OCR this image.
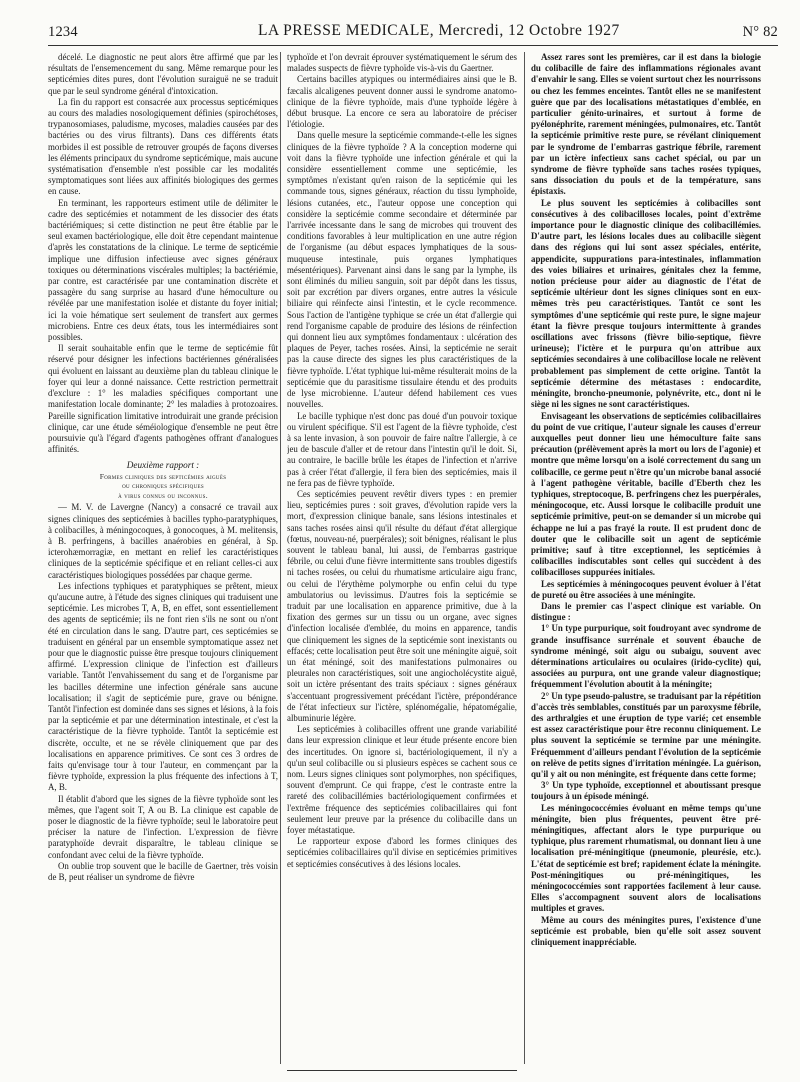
1234	LA PRESSE MEDICALE, Mercredi, 12 Octobre 1927	N° 82

décelé. Le diagnostic ne peut alors être affirmé que par les résultats de l'ensemencement du sang. Même remarque pour les septicémies dites pures, dont l'évolution suraiguë ne se traduit que par le seul syndrome général d'intoxication.

La fin du rapport est consacrée aux processus septicémiques au cours des maladies nosologiquement définies (spirochétoses, trypanosomiases, paludisme, mycoses, maladies causées par des bactéries ou des virus filtrants). Dans ces différents états morbides il est possible de retrouver groupés de façons diverses les éléments principaux du syndrome septicémique, mais aucune systématisation d'ensemble n'est possible car les modalités symptomatiques sont liées aux affinités biologiques des germes en cause.

En terminant, les rapporteurs estiment utile de délimiter le cadre des septicémies et notamment de les dissocier des états bactériémiques; si cette distinction ne peut être établie par le seul examen bactériologique, elle doit être cependant maintenue d'après les constatations de la clinique. Le terme de septicémie implique une diffusion infectieuse avec signes généraux toxiques ou déterminations viscérales multiples; la bactériémie, par contre, est caractérisée par une contamination discrète et passagère du sang surprise au hasard d'une hémoculture ou révélée par une manifestation isolée et distante du foyer initial; ici la voie hématique sert seulement de transfert aux germes microbiens. Entre ces deux états, tous les intermédiaires sont possibles.

Il serait souhaitable enfin que le terme de septicémie fût réservé pour désigner les infections bactériennes généralisées qui évoluent en laissant au deuxième plan du tableau clinique le foyer qui leur a donné naissance. Cette restriction permettrait d'exclure : 1° les maladies spécifiques comportant une manifestation locale dominante; 2° les maladies à protozoaires. Pareille signification limitative introduirait une grande précision clinique, car une étude séméiologique d'ensemble ne peut être poursuivie qu'à l'égard d'agents pathogènes offrant d'analogues affinités.

Deuxième rapport :
Formes cliniques des septicémies aiguës
ou chroniques spécifiques
à virus connus ou inconnus.

— M. V. de Lavergne (Nancy) a consacré ce travail aux signes cliniques des septicémies à bacilles typho-paratyphiques, à colibacilles, à méningocoques, à gonocoques, à M. melitensis, à B. perfringens, à bacilles anaérobies en général, à Sp. icterohæmorragiæ, en mettant en relief les caractéristiques cliniques de la septicémie spécifique et en reliant celles-ci aux caractéristiques biologiques possédées par chaque germe.

Les infections typhiques et paratyphiques se prêtent, mieux qu'aucune autre, à l'étude des signes cliniques qui traduisent une septicémie. Les microbes T, A, B, en effet, sont essentiellement des agents de septicémie; ils ne font rien s'ils ne sont ou n'ont été en circulation dans le sang. D'autre part, ces septicémies se traduisent en général par un ensemble symptomatique assez net pour que le diagnostic puisse être presque toujours cliniquement affirmé. L'expression clinique de l'infection est d'ailleurs variable. Tantôt l'envahissement du sang et de l'organisme par les bacilles détermine une infection générale sans aucune localisation; il s'agit de septicémie pure, grave ou bénigne. Tantôt l'infection est dominée dans ses signes et lésions, à la fois par la septicémie et par une détermination intestinale, et c'est la caractéristique de la fièvre typhoïde. Tantôt la septicémie est discrète, occulte, et ne se révèle cliniquement que par des localisations en apparence primitives. Ce sont ces 3 ordres de faits qu'envisage tour à tour l'auteur, en commençant par la fièvre typhoïde, expression la plus fréquente des infections à T, A, B.

Il établit d'abord que les signes de la fièvre typhoïde sont les mêmes, que l'agent soit T, A ou B. La clinique est capable de poser le diagnostic de la fièvre typhoïde; seul le laboratoire peut préciser la nature de l'infection. L'expression de fièvre paratyphoïde devrait disparaître, le tableau clinique se confondant avec celui de la fièvre typhoïde.

On oublie trop souvent que le bacille de Gaertner, très voisin de B, peut réaliser un syndrome de fièvre

typhoïde et l'on devrait éprouver systématiquement le sérum des malades suspects de fièvre typhoïde vis-à-vis du Gaertner.

Certains bacilles atypiques ou intermédiaires ainsi que le B. fæcalis alcaligenes peuvent donner aussi le syndrome anatomo-clinique de la fièvre typhoïde, mais d'une typhoïde légère à début brusque. La encore ce sera au laboratoire de préciser l'étiologie.

Dans quelle mesure la septicémie commande-t-elle les signes cliniques de la fièvre typhoïde ? A la conception moderne qui voit dans la fièvre typhoïde une infection générale et qui la considère essentiellement comme une septicémie, les symptômes n'existant qu'en raison de la septicémie qui les commande tous, signes généraux, réaction du tissu lymphoïde, lésions cutanées, etc., l'auteur oppose une conception qui considère la septicémie comme secondaire et déterminée par l'arrivée incessante dans le sang de microbes qui trouvent des conditions favorables à leur multiplication en une autre région de l'organisme (au début espaces lymphatiques de la sous-muqueuse intestinale, puis organes lymphatiques mésentériques). Parvenant ainsi dans le sang par la lymphe, ils sont éliminés du milieu sanguin, soit par dépôt dans les tissus, soit par excrétion par divers organes, entre autres la vésicule biliaire qui réinfecte ainsi l'intestin, et le cycle recommence. Sous l'action de l'antigène typhique se crée un état d'allergie qui rend l'organisme capable de produire des lésions de réinfection qui donnent lieu aux symptômes fondamentaux : ulcération des plaques de Peyer, taches rosées. Ainsi, la septicémie ne serait pas la cause directe des signes les plus caractéristiques de la fièvre typhoïde. L'état typhique lui-même résulterait moins de la septicémie que du parasitisme tissulaire étendu et des produits de lyse microbienne. L'auteur défend habilement ces vues nouvelles.

Le bacille typhique n'est donc pas doué d'un pouvoir toxique ou virulent spécifique. S'il est l'agent de la fièvre typhoïde, c'est à sa lente invasion, à son pouvoir de faire naître l'allergie, à ce jeu de bascule d'aller et de retour dans l'intestin qu'il le doit. Si, au contraire, le bacille brûle les étapes de l'infection et n'arrive pas à créer l'état d'allergie, il fera bien des septicémies, mais il ne fera pas de fièvre typhoïde.

Ces septicémies peuvent revêtir divers types : en premier lieu, septicémies pures : soit graves, d'évolution rapide vers la mort, d'expression clinique banale, sans lésions intestinales et sans taches rosées ainsi qu'il résulte du défaut d'état allergique (fœtus, nouveau-né, puerpérales); soit bénignes, réalisant le plus souvent le tableau banal, lui aussi, de l'embarras gastrique fébrile, ou celui d'une fièvre intermittente sans troubles digestifs ni taches rosées, ou celui du rhumatisme articulaire aigu franc, ou celui de l'érythème polymorphe ou enfin celui du type ambulatorius ou levissimus. D'autres fois la septicémie se traduit par une localisation en apparence primitive, due à la fixation des germes sur un tissu ou un organe, avec signes d'infection localisée d'emblée, du moins en apparence, tandis que cliniquement les signes de la septicémie sont inexistants ou effacés; cette localisation peut être soit une méningite aiguë, soit un état méningé, soit des manifestations pulmonaires ou pleurales non caractéristiques, soit une angiocholécystite aiguë, soit un ictère présentant des traits spéciaux : signes généraux s'accentuant progressivement précédant l'ictère, prépondérance de l'état infectieux sur l'ictère, splénomégalie, hépatomégalie, albuminurie légère.

Les septicémies à colibacilles offrent une grande variabilité dans leur expression clinique et leur étude présente encore bien des incertitudes. On ignore si, bactériologiquement, il n'y a qu'un seul colibacille ou si plusieurs espèces se cachent sous ce nom. Leurs signes cliniques sont polymorphes, non spécifiques, souvent d'emprunt. Ce qui frappe, c'est le contraste entre la rareté des colibacillémies bactériologiquement confirmées et l'extrême fréquence des septicémies colibacillaires qui font seulement leur preuve par la présence du colibacille dans un foyer métastatique.

Le rapporteur expose d'abord les formes cliniques des septicémies colibacillaires qu'il divise en septicémies primitives et septicémies consécutives à des lésions locales.

Assez rares sont les premières, car il est dans la biologie du colibacille de faire des inflammations régionales avant d'envahir le sang. Elles se voient surtout chez les nourrissons ou chez les femmes enceintes. Tantôt elles ne se manifestent guère que par des localisations métastatiques d'emblée, en particulier génito-urinaires, et surtout à forme de pyélonéphrite, rarement méningées, pulmonaires, etc. Tantôt la septicémie primitive reste pure, se révélant cliniquement par le syndrome de l'embarras gastrique fébrile, rarement par un ictère infectieux sans cachet spécial, ou par un syndrome de fièvre typhoïde sans taches rosées typiques, sans dissociation du pouls et de la température, sans épistaxis.

Le plus souvent les septicémies à colibacilles sont consécutives à des colibacilloses locales, point d'extrême importance pour le diagnostic clinique des colibacillémies. D'autre part, les lésions locales dues au colibacille siègent dans des régions qui lui sont assez spéciales, entérite, appendicite, suppurations para-intestinales, inflammation des voies biliaires et urinaires, génitales chez la femme, notion précieuse pour aider au diagnostic de l'état de septicémie ultérieur dont les signes cliniques sont en eux-mêmes très peu caractéristiques. Tantôt ce sont les symptômes d'une septicémie qui reste pure, le signe majeur étant la fièvre presque toujours intermittente à grandes oscillations avec frissons (fièvre bilio-septique, fièvre urineuse); l'ictère et le purpura qu'on attribue aux septicémies secondaires à une colibacillose locale ne relèvent probablement pas simplement de cette origine. Tantôt la septicémie détermine des métastases : endocardite, méningite, broncho-pneumonie, polynévrite, etc., dont ni le siège ni les signes ne sont caractéristiques.

Envisageant les observations de septicémies colibacillaires du point de vue critique, l'auteur signale les causes d'erreur auxquelles peut donner lieu une hémoculture faite sans précaution (prélèvement après la mort ou lors de l'agonie) et montre que même lorsqu'on a isolé correctement du sang un colibacille, ce germe peut n'être qu'un microbe banal associé à l'agent pathogène véritable, bacille d'Eberth chez les typhiques, streptocoque, B. perfringens chez les puerpérales, méningocoque, etc. Aussi lorsque le colibacille produit une septicémie primitive, peut-on se demander si un microbe qui échappe ne lui a pas frayé la route. Il est prudent donc de douter que le colibacille soit un agent de septicémie primitive; sauf à titre exceptionnel, les septicémies à colibacilles indiscutables sont celles qui succèdent à des colibacilloses suppurées initiales.

Les septicémies à méningocoques peuvent évoluer à l'état de pureté ou être associées à une méningite.

Dans le premier cas l'aspect clinique est variable. On distingue :

1° Un type purpurique, soit foudroyant avec syndrome de grande insuffisance surrénale et souvent ébauche de syndrome méningé, soit aigu ou subaigu, souvent avec déterminations articulaires ou oculaires (irido-cyclite) qui, associées au purpura, ont une grande valeur diagnostique; fréquemment l'évolution aboutit à la méningite;

2° Un type pseudo-palustre, se traduisant par la répétition d'accès très semblables, constitués par un paroxysme fébrile, des arthralgies et une éruption de type varié; cet ensemble est assez caractéristique pour être reconnu cliniquement. Le plus souvent la septicémie se termine par une méningite. Fréquemment d'ailleurs pendant l'évolution de la septicémie on relève de petits signes d'irritation méningée. La guérison, qu'il y ait ou non méningite, est fréquente dans cette forme;

3° Un type typhoïde, exceptionnel et aboutissant presque toujours à un épisode méningé.

Les méningococcémies évoluant en même temps qu'une méningite, bien plus fréquentes, peuvent être pré-méningitiques, affectant alors le type purpurique ou typhique, plus rarement rhumatismal, ou donnant lieu à une localisation pré-méningitique (pneumonie, pleurésie, etc.). L'état de septicémie est bref; rapidement éclate la méningite. Post-méningitiques ou pré-méningitiques, les méningococcémies sont rapportées facilement à leur cause. Elles s'accompagnent souvent alors de localisations multiples et graves.

Même au cours des méningites pures, l'existence d'une septicémie est probable, bien qu'elle soit assez souvent cliniquement inappréciable.
